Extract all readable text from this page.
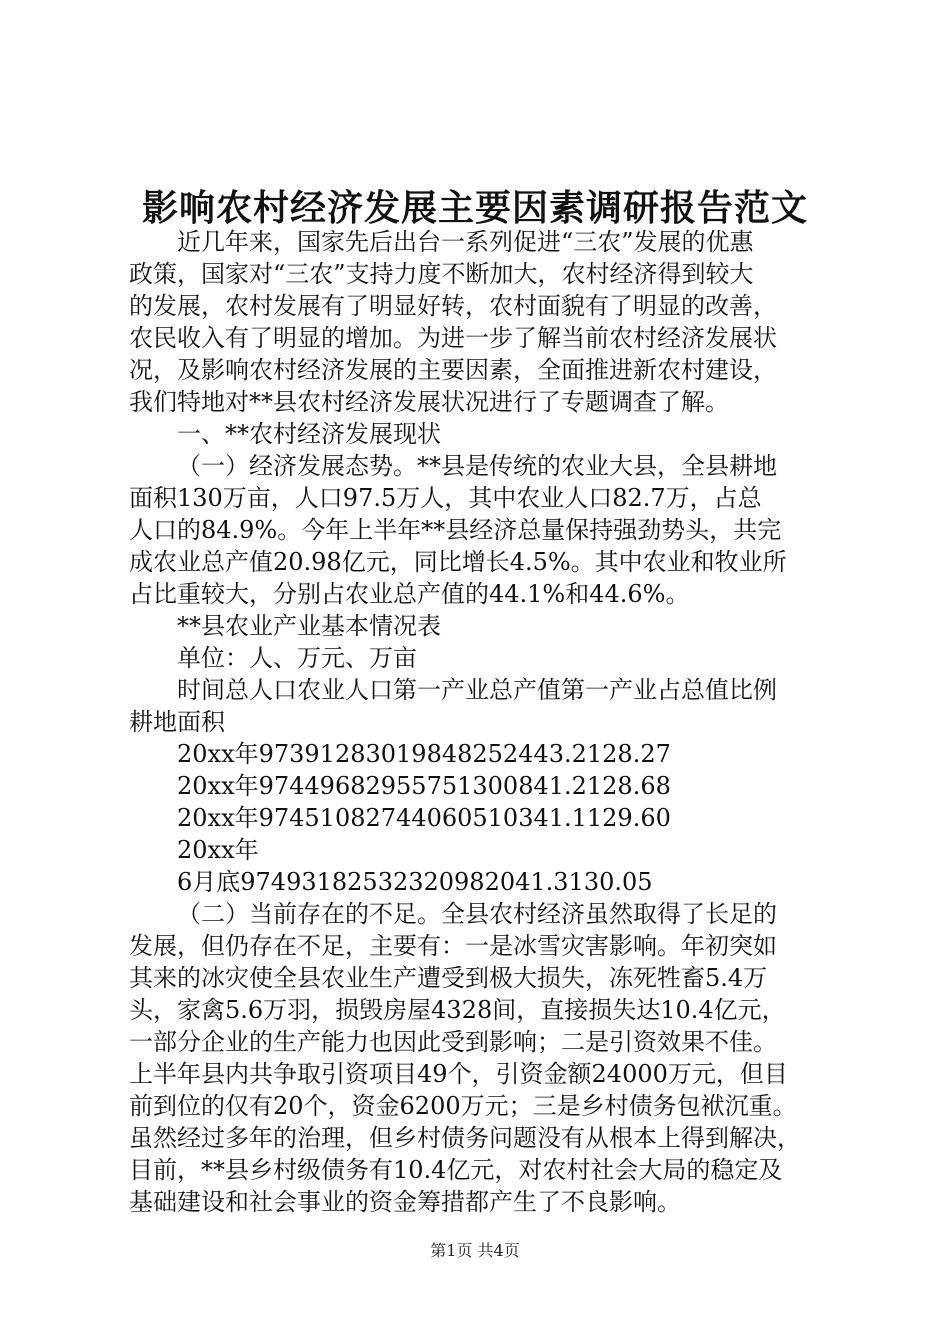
影响农村经济发展主要因素调研报告范文

近几年来，国家先后出台一系列促进“三农”发展的优惠
政策，国家对“三农”支持力度不断加大，农村经济得到较大
的发展，农村发展有了明显好转，农村面貌有了明显的改善，
农民收入有了明显的增加。为进一步了解当前农村经济发展状
况，及影响农村经济发展的主要因素，全面推进新农村建设，
我们特地对**县农村经济发展状况进行了专题调查了解。

一、**农村经济发展现状

（一）经济发展态势。**县是传统的农业大县，全县耕地
面积130万亩，人口97.5万人，其中农业人口82.7万，占总
人口的84.9%。今年上半年**县经济总量保持强劲势头，共完
成农业总产值20.98亿元，同比增长4.5%。其中农业和牧业所
占比重较大，分别占农业总产值的44.1%和44.6%。

**县农业产业基本情况表

单位：人、万元、万亩

时间总人口农业人口第一产业总产值第一产业占总值比例
耕地面积

20xx年97391283019848252443.2128.27
20xx年97449682955751300841.2128.68
20xx年97451082744060510341.1129.60
20xx年
6月底97493182532320982041.3130.05

（二）当前存在的不足。全县农村经济虽然取得了长足的
发展，但仍存在不足，主要有：一是冰雪灾害影响。年初突如
其来的冰灾使全县农业生产遭受到极大损失，冻死牲畜5.4万
头，家禽5.6万羽，损毁房屋4328间，直接损失达10.4亿元，
一部分企业的生产能力也因此受到影响；二是引资效果不佳。
上半年县内共争取引资项目49个，引资金额24000万元，但目
前到位的仅有20个，资金6200万元；三是乡村债务包袱沉重。
虽然经过多年的治理，但乡村债务问题没有从根本上得到解决，
目前，**县乡村级债务有10.4亿元，对农村社会大局的稳定及
基础建设和社会事业的资金筹措都产生了不良影响。

第1页 共4页
